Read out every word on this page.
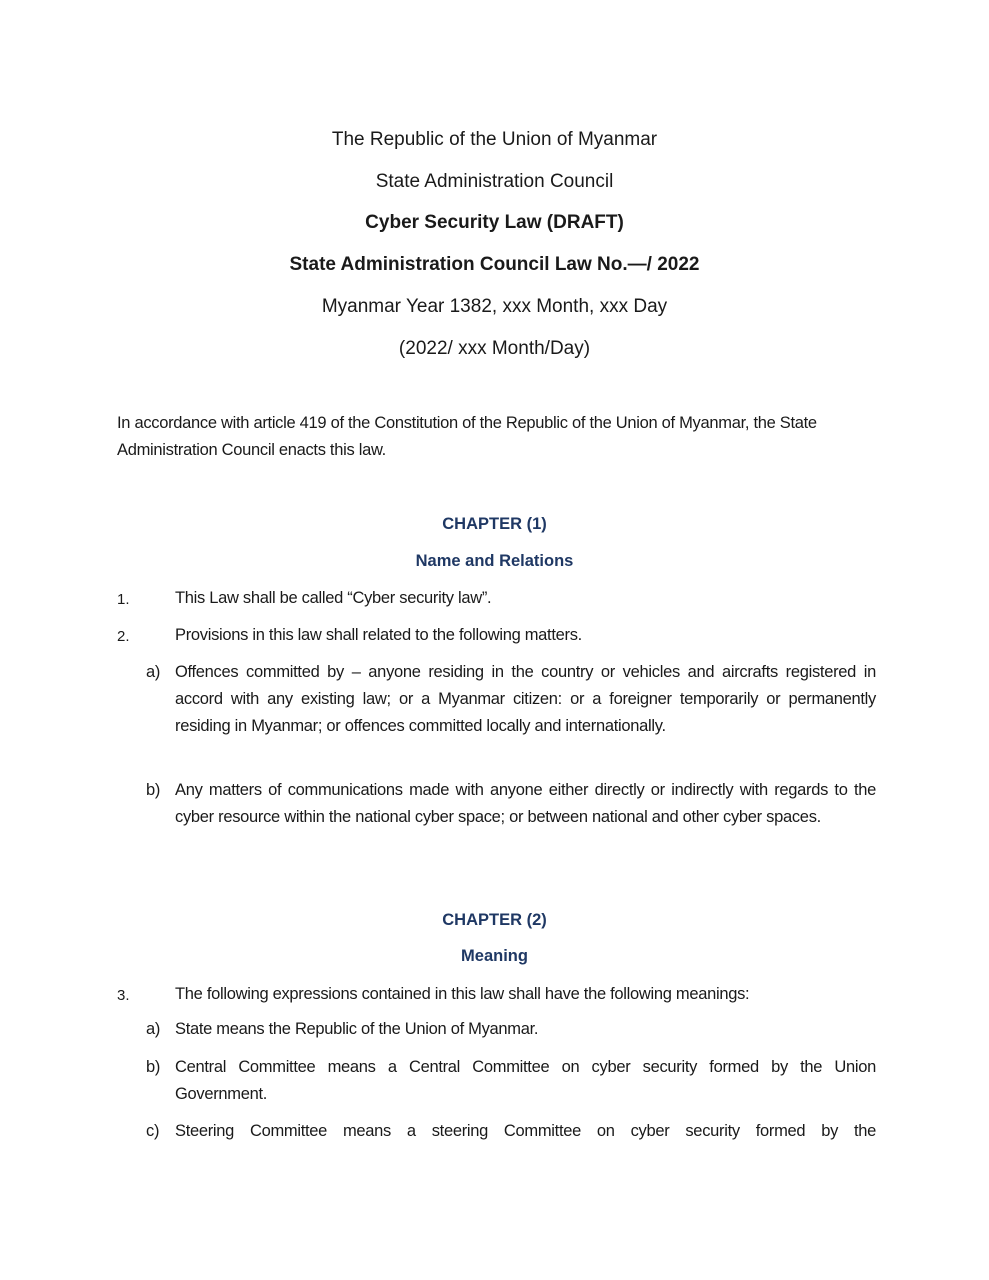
The Republic of the Union of Myanmar
State Administration Council
Cyber Security Law (DRAFT)
State Administration Council Law No.—/ 2022
Myanmar Year 1382, xxx Month, xxx Day
(2022/ xxx Month/Day)
In accordance with article 419 of the Constitution of the Republic of the Union of Myanmar, the State Administration Council enacts this law.
CHAPTER (1)
Name and Relations
1.	This Law shall be called “Cyber security law”.
2.	Provisions in this law shall related to the following matters.
a) Offences committed by – anyone residing in the country or vehicles and aircrafts registered in accord with any existing law; or a Myanmar citizen: or a foreigner temporarily or permanently residing in Myanmar; or offences committed locally and internationally.
b) Any matters of communications made with anyone either directly or indirectly with regards to the cyber resource within the national cyber space; or between national and other cyber spaces.
CHAPTER (2)
Meaning
3.	The following expressions contained in this law shall have the following meanings:
a) State means the Republic of the Union of Myanmar.
b) Central Committee means a Central Committee on cyber security formed by the Union Government.
c) Steering Committee means a steering Committee on cyber security formed by the
